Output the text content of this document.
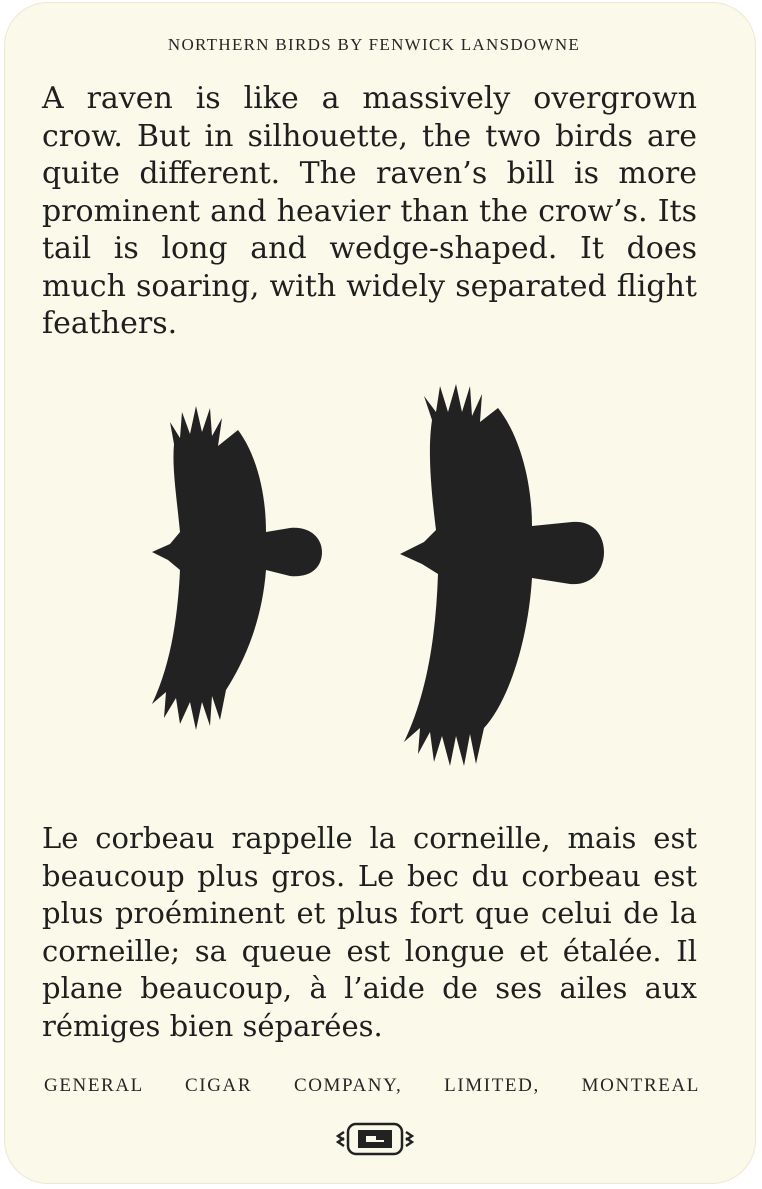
NORTHERN BIRDS BY FENWICK LANSDOWNE
A raven is like a massively overgrown crow. But in silhouette, the two birds are quite different. The raven’s bill is more prominent and heavier than the crow’s. Its tail is long and wedge-shaped. It does much soaring, with widely separated flight feathers.
Le corbeau rappelle la corneille, mais est beaucoup plus gros. Le bec du corbeau est plus proéminent et plus fort que celui de la corneille; sa queue est longue et étalée. Il plane beaucoup, à l’aide de ses ailes aux rémiges bien séparées.
GENERAL CIGAR COMPANY, LIMITED, MONTREAL
